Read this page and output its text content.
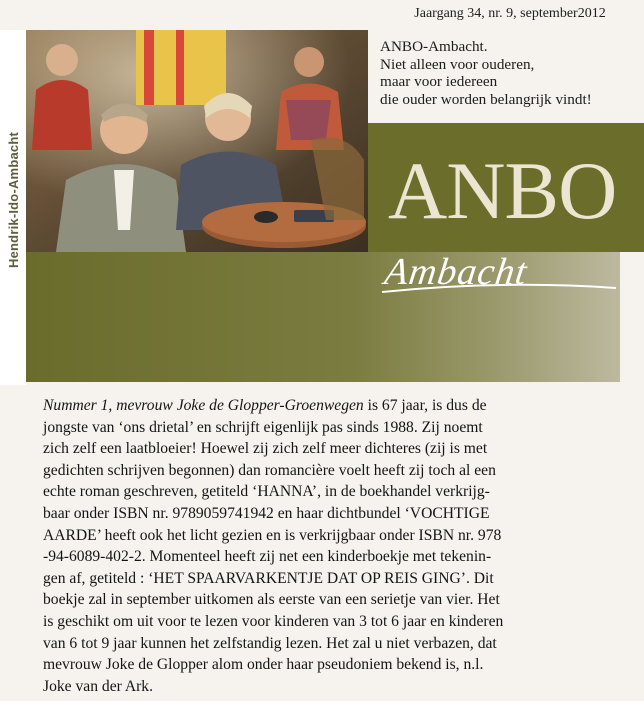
Jaargang 34, nr. 9, september2012
ANBO-Ambacht.
Niet alleen voor ouderen,
maar voor iedereen
die ouder worden belangrijk vindt!
Hendrik-Ido-Ambacht	ANBO
Ambacht

Nummer 1, mevrouw Joke de Glopper-Groenwegen is 67 jaar, is dus de
jongste van ‘ons drietal’ en schrijft eigenlijk pas sinds 1988. Zij noemt
zich zelf een laatbloeier! Hoewel zij zich zelf meer dichteres (zij is met
gedichten schrijven begonnen) dan romancière voelt heeft zij toch al een
echte roman geschreven, getiteld ‘HANNA’, in de boekhandel verkrijg-
baar onder ISBN nr. 9789059741942 en haar dichtbundel ‘VOCHTIGE
AARDE’ heeft ook het licht gezien en is verkrijgbaar onder ISBN nr. 978
-94-6089-402-2. Momenteel heeft zij net een kinderboekje met tekenin-
gen af, getiteld : ‘HET SPAARVARKENTJE DAT OP REIS GING’. Dit
boekje zal in september uitkomen als eerste van een serietje van vier. Het
is geschikt om uit voor te lezen voor kinderen van 3 tot 6 jaar en kinderen
van 6 tot 9 jaar kunnen het zelfstandig lezen. Het zal u niet verbazen, dat
mevrouw Joke de Glopper alom onder haar pseudoniem bekend is, n.l.
Joke van der Ark.
